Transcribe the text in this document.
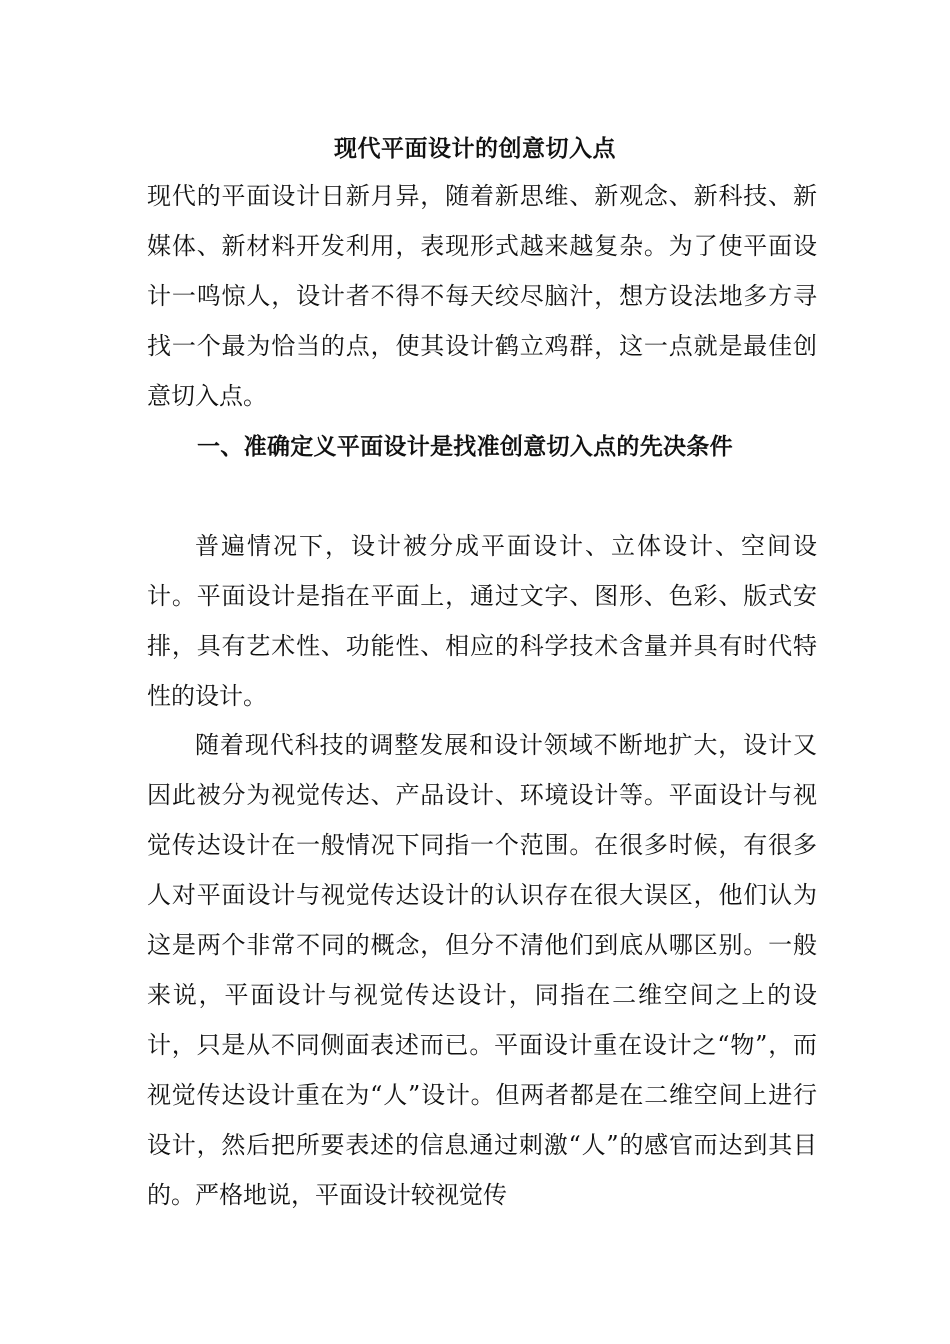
现代平面设计的创意切入点

现代的平面设计日新月异，随着新思维、新观念、新科技、新媒体、新材料开发利用，表现形式越来越复杂。为了使平面设计一鸣惊人，设计者不得不每天绞尽脑汁，想方设法地多方寻找一个最为恰当的点，使其设计鹤立鸡群，这一点就是最佳创意切入点。

一、准确定义平面设计是找准创意切入点的先决条件

普遍情况下，设计被分成平面设计、立体设计、空间设计。平面设计是指在平面上，通过文字、图形、色彩、版式安排，具有艺术性、功能性、相应的科学技术含量并具有时代特性的设计。

随着现代科技的调整发展和设计领域不断地扩大，设计又因此被分为视觉传达、产品设计、环境设计等。平面设计与视觉传达设计在一般情况下同指一个范围。在很多时候，有很多人对平面设计与视觉传达设计的认识存在很大误区，他们认为这是两个非常不同的概念，但分不清他们到底从哪区别。一般来说，平面设计与视觉传达设计，同指在二维空间之上的设计，只是从不同侧面表述而已。平面设计重在设计之“物”，而视觉传达设计重在为“人”设计。但两者都是在二维空间上进行设计，然后把所要表述的信息通过刺激“人”的感官而达到其目的。严格地说，平面设计较视觉传
